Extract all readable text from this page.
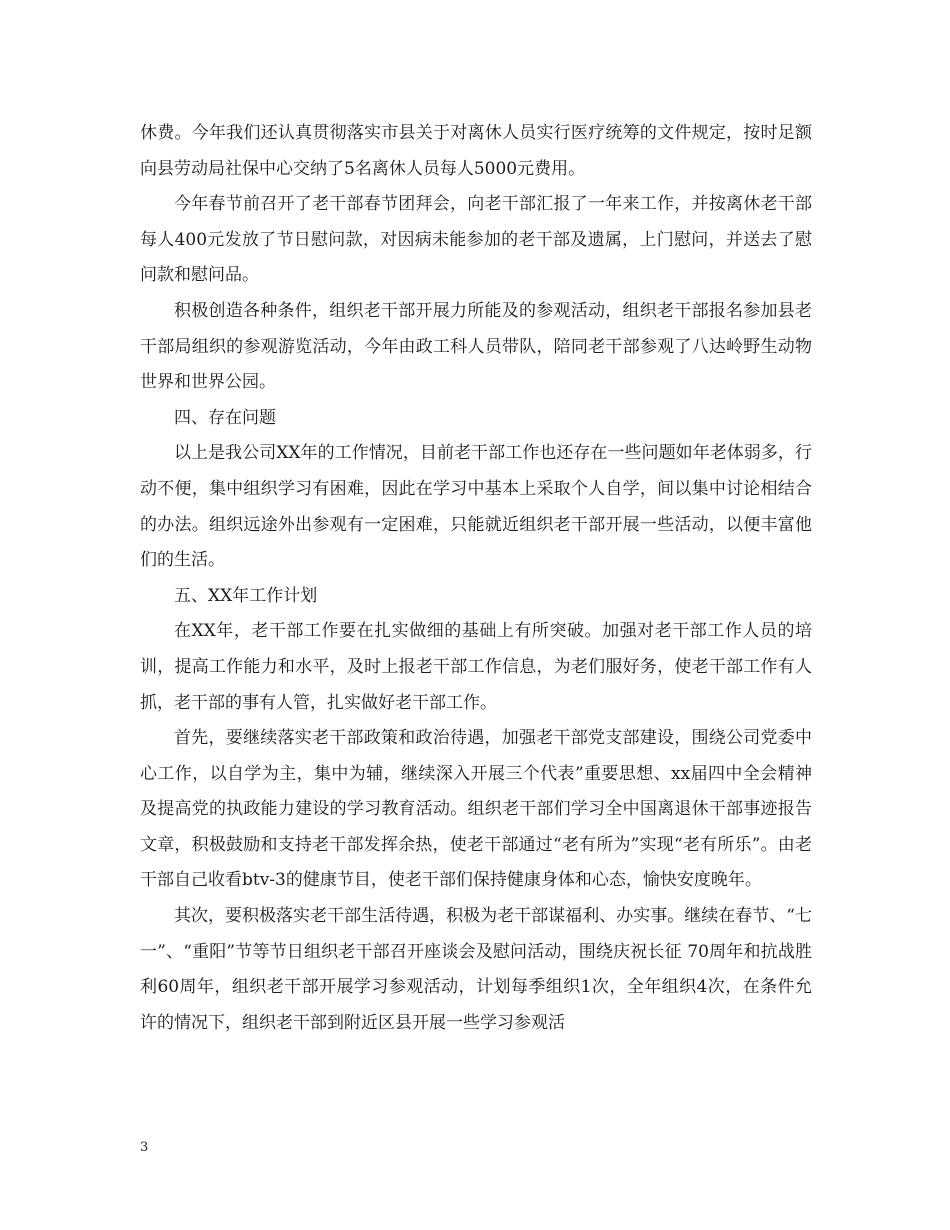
休费。今年我们还认真贯彻落实市县关于对离休人员实行医疗统筹的文件规定，按时足额向县劳动局社保中心交纳了5名离休人员每人5000元费用。

今年春节前召开了老干部春节团拜会，向老干部汇报了一年来工作，并按离休老干部每人400元发放了节日慰问款，对因病未能参加的老干部及遗属，上门慰问，并送去了慰问款和慰问品。

积极创造各种条件，组织老干部开展力所能及的参观活动，组织老干部报名参加县老干部局组织的参观游览活动，今年由政工科人员带队，陪同老干部参观了八达岭野生动物世界和世界公园。

四、存在问题

以上是我公司XX年的工作情况，目前老干部工作也还存在一些问题如年老体弱多，行动不便，集中组织学习有困难，因此在学习中基本上采取个人自学，间以集中讨论相结合的办法。组织远途外出参观有一定困难，只能就近组织老干部开展一些活动，以便丰富他们的生活。

五、XX年工作计划

在XX年，老干部工作要在扎实做细的基础上有所突破。加强对老干部工作人员的培训，提高工作能力和水平，及时上报老干部工作信息，为老们服好务，使老干部工作有人抓，老干部的事有人管，扎实做好老干部工作。

首先，要继续落实老干部政策和政治待遇，加强老干部党支部建设，围绕公司党委中心工作，以自学为主，集中为辅，继续深入开展三个代表”重要思想、xx届四中全会精神及提高党的执政能力建设的学习教育活动。组织老干部们学习全中国离退休干部事迹报告文章，积极鼓励和支持老干部发挥余热，使老干部通过“老有所为”实现“老有所乐”。由老干部自己收看btv-3的健康节目，使老干部们保持健康身体和心态，愉快安度晚年。

其次，要积极落实老干部生活待遇，积极为老干部谋福利、办实事。继续在春节、“七一”、“重阳”节等节日组织老干部召开座谈会及慰问活动，围绕庆祝长征 70周年和抗战胜利60周年，组织老干部开展学习参观活动，计划每季组织1次，全年组织4次，在条件允许的情况下，组织老干部到附近区县开展一些学习参观活

3
